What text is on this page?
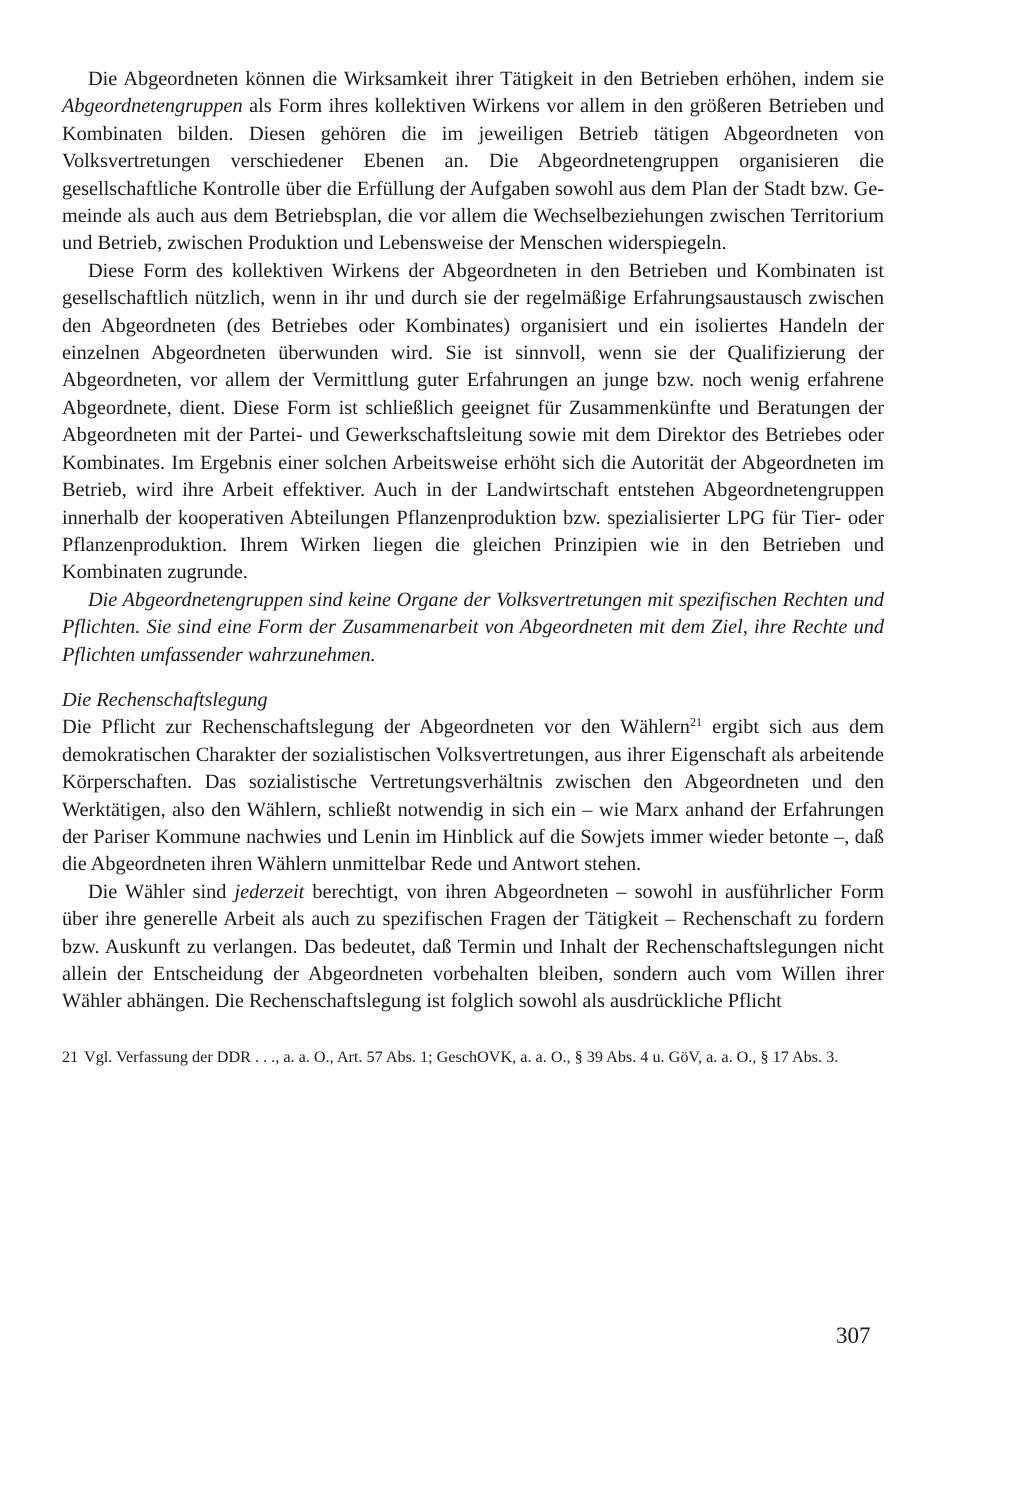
Die Abgeordneten können die Wirksamkeit ihrer Tätigkeit in den Betrieben erhöhen, indem sie Abgeordnetengruppen als Form ihres kollektiven Wirkens vor allem in den größeren Betrieben und Kombinaten bilden. Diesen gehören die im jeweiligen Betrieb tätigen Abgeordneten von Volksvertretungen verschiedener Ebenen an. Die Abgeordnetengruppen organisieren die gesellschaftliche Kontrolle über die Erfüllung der Aufgaben sowohl aus dem Plan der Stadt bzw. Gemeinde als auch aus dem Betriebsplan, die vor allem die Wechselbeziehungen zwischen Territorium und Betrieb, zwischen Produktion und Lebensweise der Menschen widerspiegeln.

Diese Form des kollektiven Wirkens der Abgeordneten in den Betrieben und Kombinaten ist gesellschaftlich nützlich, wenn in ihr und durch sie der regelmäßige Erfahrungsaustausch zwischen den Abgeordneten (des Betriebes oder Kombinates) organisiert und ein isoliertes Handeln der einzelnen Abgeordneten überwunden wird. Sie ist sinnvoll, wenn sie der Qualifizierung der Abgeordneten, vor allem der Vermittlung guter Erfahrungen an junge bzw. noch wenig erfahrene Abgeordnete, dient. Diese Form ist schließlich geeignet für Zusammenkünfte und Beratungen der Abgeordneten mit der Partei- und Gewerkschaftsleitung sowie mit dem Direktor des Betriebes oder Kombinates. Im Ergebnis einer solchen Arbeitsweise erhöht sich die Autorität der Abgeordneten im Betrieb, wird ihre Arbeit effektiver. Auch in der Landwirtschaft entstehen Abgeordnetengruppen innerhalb der kooperativen Abteilungen Pflanzenproduktion bzw. spezialisierter LPG für Tier- oder Pflanzenproduktion. Ihrem Wirken liegen die gleichen Prinzipien wie in den Betrieben und Kombinaten zugrunde.

Die Abgeordnetengruppen sind keine Organe der Volksvertretungen mit spezifischen Rechten und Pflichten. Sie sind eine Form der Zusammenarbeit von Abgeordneten mit dem Ziel, ihre Rechte und Pflichten umfassender wahrzunehmen.

Die Rechenschaftslegung

Die Pflicht zur Rechenschaftslegung der Abgeordneten vor den Wählern$^{21}$ ergibt sich aus dem demokratischen Charakter der sozialistischen Volksvertretungen, aus ihrer Eigenschaft als arbeitende Körperschaften. Das sozialistische Vertretungsverhältnis zwischen den Abgeordneten und den Werktätigen, also den Wählern, schließt notwendig in sich ein – wie Marx anhand der Erfahrungen der Pariser Kommune nachwies und Lenin im Hinblick auf die Sowjets immer wieder betonte –, daß die Abgeordneten ihren Wählern unmittelbar Rede und Antwort stehen.

Die Wähler sind jederzeit berechtigt, von ihren Abgeordneten – sowohl in ausführlicher Form über ihre generelle Arbeit als auch zu spezifischen Fragen der Tätigkeit – Rechenschaft zu fordern bzw. Auskunft zu verlangen. Das bedeutet, daß Termin und Inhalt der Rechenschaftslegungen nicht allein der Entscheidung der Abgeordneten vorbehalten bleiben, sondern auch vom Willen ihrer Wähler abhängen. Die Rechenschaftslegung ist folglich sowohl als ausdrückliche Pflicht

21 Vgl. Verfassung der DDR . . ., a. a. O., Art. 57 Abs. 1; GeschOVK, a. a. O., § 39 Abs. 4 u. GöV, a. a. O., § 17 Abs. 3.
307
